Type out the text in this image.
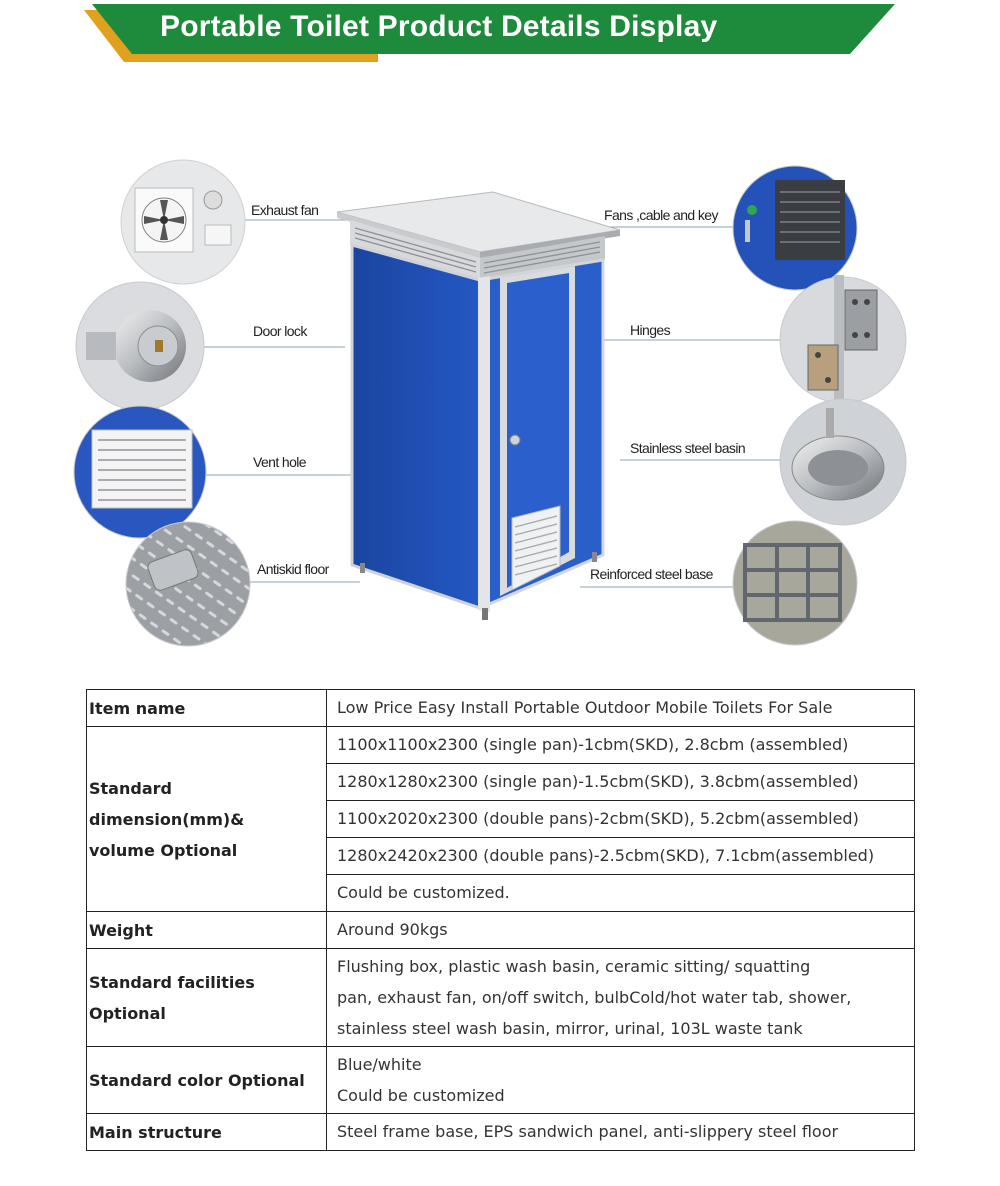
Portable Toilet Product Details Display
Exhaust fan
Door lock
Vent hole
Antiskid floor
Fans ,cable and key
Hinges
Stainless steel basin
Reinforced steel base
Item name	Low Price Easy Install Portable Outdoor Mobile Toilets For Sale

Standard dimension(mm)&
volume Optional	1100x1100x2300 (single pan)-1cbm(SKD), 2.8cbm (assembled)
	1280x1280x2300 (single pan)-1.5cbm(SKD), 3.8cbm(assembled)
	1100x2020x2300 (double pans)-2cbm(SKD), 5.2cbm(assembled)
	1280x2420x2300 (double pans)-2.5cbm(SKD), 7.1cbm(assembled)
	Could be customized.
Weight	Around 90kgs
Standard facilities Optional	Flushing box, plastic wash basin, ceramic sitting/ squatting
pan, exhaust fan, on/off switch, bulbCold/hot water tab, shower,
stainless steel wash basin, mirror, urinal, 103L waste tank

Standard color Optional	Blue/white
Could be customized

Main structure	Steel frame base, EPS sandwich panel, anti-slippery steel floor
